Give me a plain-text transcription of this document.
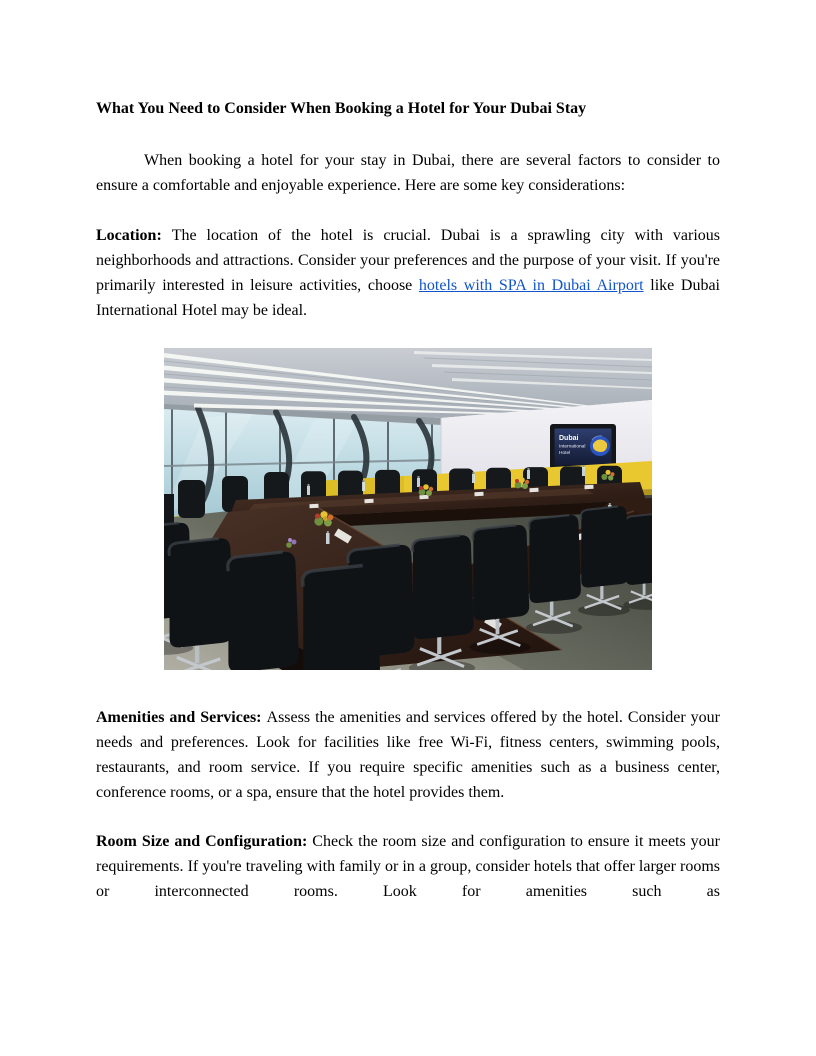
What You Need to Consider When Booking a Hotel for Your Dubai Stay

When booking a hotel for your stay in Dubai, there are several factors to consider to ensure a comfortable and enjoyable experience. Here are some key considerations:

Location: The location of the hotel is crucial. Dubai is a sprawling city with various neighborhoods and attractions. Consider your preferences and the purpose of your visit. If you're primarily interested in leisure activities, choose hotels with SPA in Dubai Airport like Dubai International Hotel may be ideal.

Dubai
International
Hotel

Amenities and Services: Assess the amenities and services offered by the hotel. Consider your needs and preferences. Look for facilities like free Wi-Fi, fitness centers, swimming pools, restaurants, and room service. If you require specific amenities such as a business center, conference rooms, or a spa, ensure that the hotel provides them.

Room Size and Configuration: Check the room size and configuration to ensure it meets your requirements. If you're traveling with family or in a group, consider hotels that offer larger rooms or interconnected rooms. Look for amenities such as
